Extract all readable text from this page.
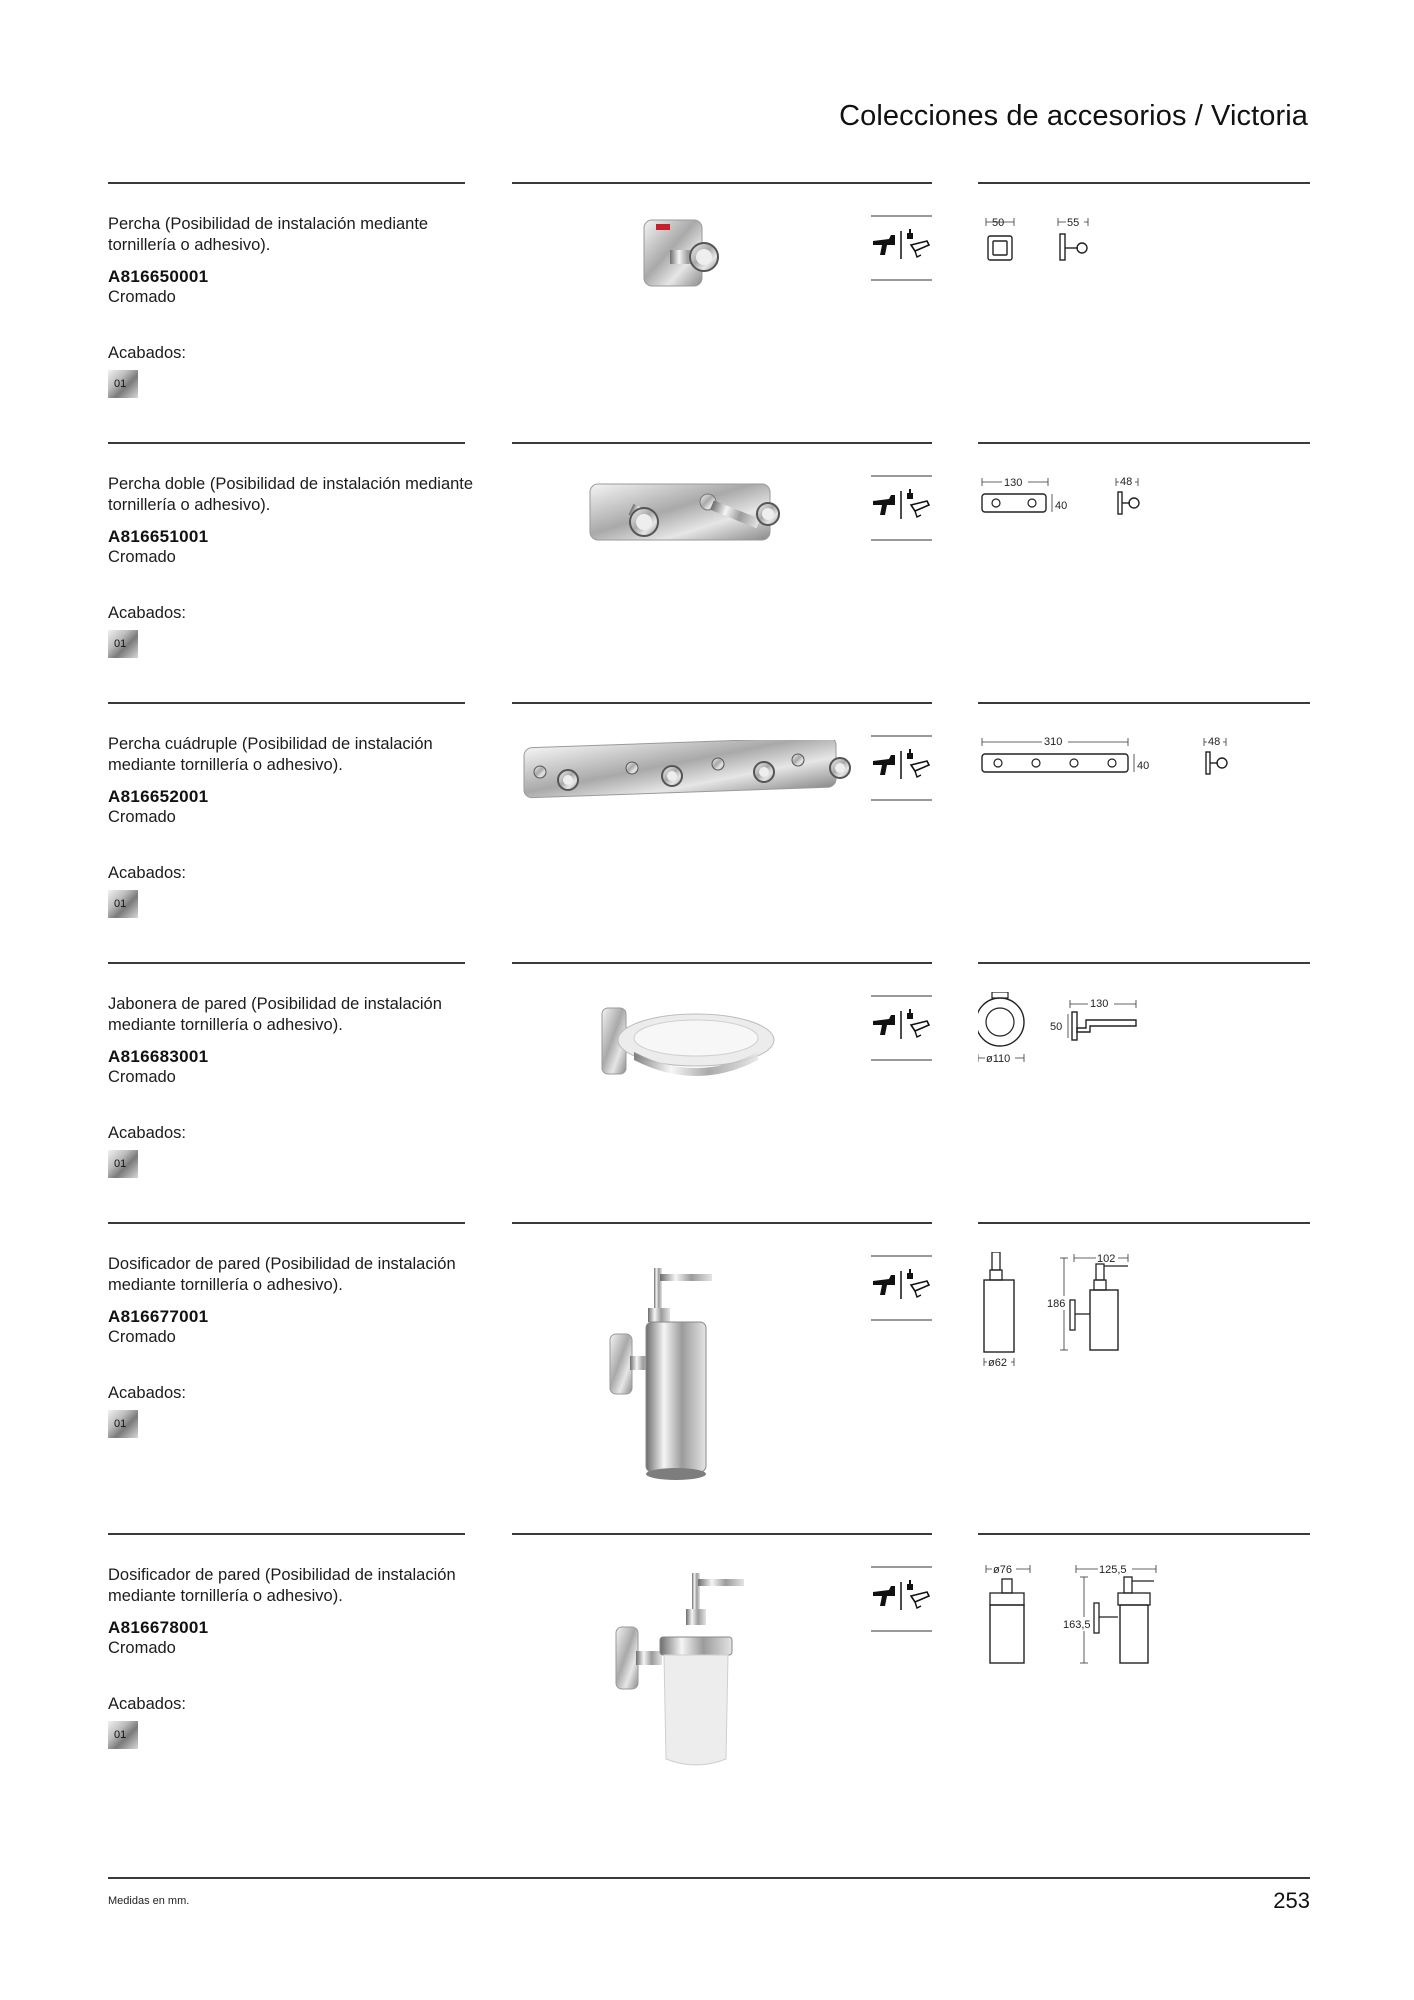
Colecciones de accesorios / Victoria
Percha (Posibilidad de instalación mediante tornillería o adhesivo).
A816650001
Cromado
Acabados:
01
50	55
Percha doble (Posibilidad de instalación mediante tornillería o adhesivo).
A816651001
Cromado
Acabados:
01
130
40
48
Percha cuádruple (Posibilidad de instalación mediante tornillería o adhesivo).
A816652001
Cromado
Acabados:
01
310
40
48
Jabonera de pared (Posibilidad de instalación mediante tornillería o adhesivo).
A816683001
Cromado
Acabados:
01
ø110
130
50
Dosificador de pared (Posibilidad de instalación mediante tornillería o adhesivo).
A816677001
Cromado
Acabados:
01
ø62
102
186
Dosificador de pared (Posibilidad de instalación mediante tornillería o adhesivo).
A816678001
Cromado
Acabados:
01
ø76	125,5
163,5
Medidas en mm.	253
